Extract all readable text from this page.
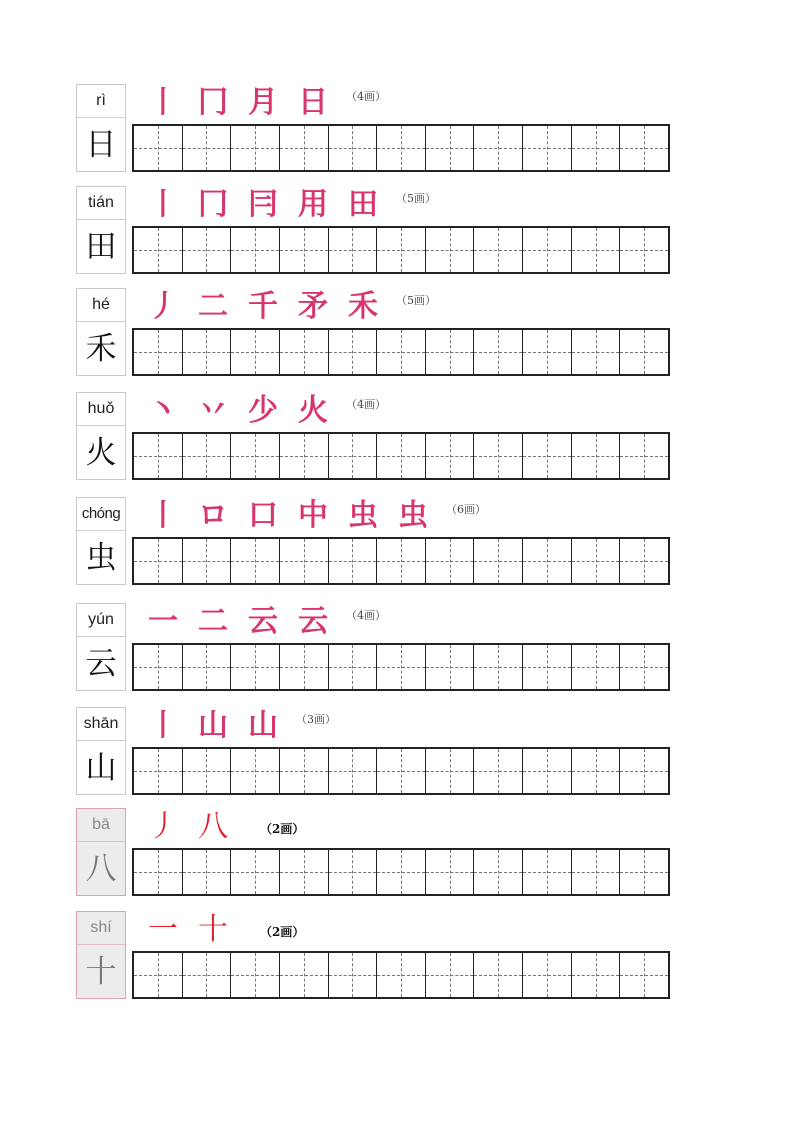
rì
日
丨 冂 月 日	（4画）
tián
田
丨 冂 冃 用 田	（5画）
hé
禾
丿 二 千 矛 禾	（5画）
huǒ
火
丶 丷 少 火	（4画）
chóng
虫
丨 ロ 口 中 虫 虫	（6画）
yún
云
一 二 云 云	（4画）
shān
山
丨 山 山	（3画）
bā
八
丿 八	（2画）
shí
十
一 十	（2画）
